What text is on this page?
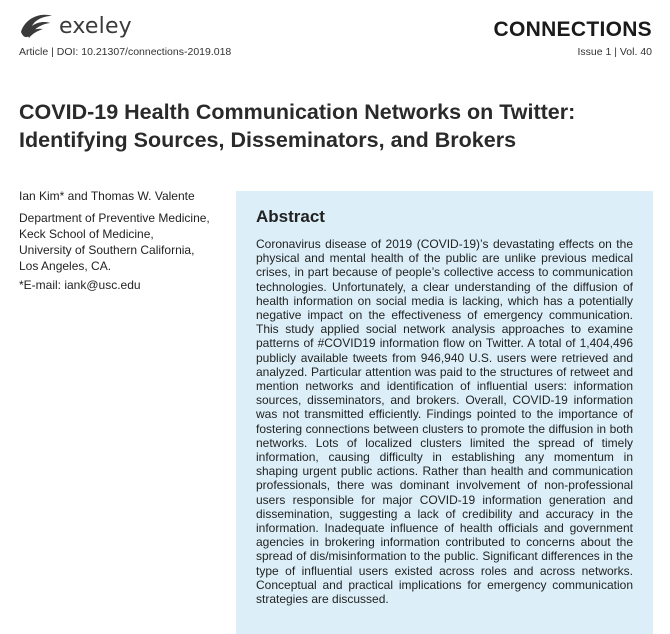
exeley
Article | DOI: 10.21307/connections-2019.018
CONNECTIONS
Issue 1 | Vol. 40
COVID-19 Health Communication Networks on Twitter:
Identifying Sources, Disseminators, and Brokers
Ian Kim* and Thomas W. Valente
Department of Preventive Medicine,
Keck School of Medicine,
University of Southern California,
Los Angeles, CA.
*E-mail: iank@usc.edu
Abstract

Coronavirus disease of 2019 (COVID-19)’s devastating effects on the physical and mental health of the public are unlike previous medical crises, in part because of people’s collective access to communication technologies. Unfortunately, a clear understanding of the diffusion of health information on social media is lacking, which has a potentially negative impact on the effectiveness of emergency communication. This study applied social network analysis approaches to examine patterns of #COVID19 information flow on Twitter. A total of 1,404,496 publicly available tweets from 946,940 U.S. users were retrieved and analyzed. Particular attention was paid to the structures of retweet and mention networks and identification of influential users: information sources, disseminators, and brokers. Overall, COVID-19 information was not transmitted efficiently. Findings pointed to the importance of fostering connections between clusters to promote the diffusion in both networks. Lots of localized clusters limited the spread of timely information, causing difficulty in establishing any momentum in shaping urgent public actions. Rather than health and communication professionals, there was dominant involvement of non-professional users responsible for major COVID-19 information generation and dissemination, suggesting a lack of credibility and accuracy in the information. Inadequate influence of health officials and government agencies in brokering information contributed to concerns about the spread of dis/misinformation to the public. Significant differences in the type of influential users existed across roles and across networks. Conceptual and practical implications for emergency communication strategies are discussed.
